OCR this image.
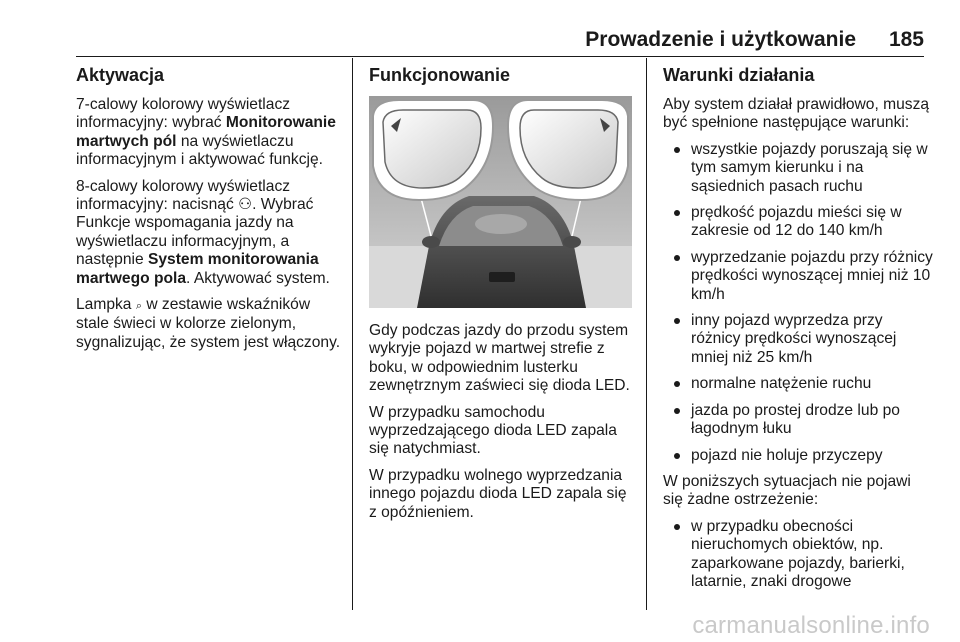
Prowadzenie i użytkowanie 185
Aktywacja

7-calowy kolorowy wyświetlacz informacyjny: wybrać Monitorowanie martwych pól na wyświetlaczu informacyjnym i aktywować funkcję.

8-calowy kolorowy wyświetlacz informacyjny: nacisnąć ⚇. Wybrać Funkcje wspomagania jazdy na wyświetlaczu informacyjnym, a następnie System monitorowania martwego pola. Aktywować system.

Lampka ⌕ w zestawie wskaźników stale świeci w kolorze zielonym, sygnalizując, że system jest włączony.

Funkcjonowanie

Gdy podczas jazdy do przodu system wykryje pojazd w martwej strefie z boku, w odpowiednim lusterku zewnętrznym zaświeci się dioda LED.

W przypadku samochodu wyprzedzającego dioda LED zapala się natychmiast.

W przypadku wolnego wyprzedzania innego pojazdu dioda LED zapala się z opóźnieniem.

Warunki działania

Aby system działał prawidłowo, muszą być spełnione następujące warunki:

wszystkie pojazdy poruszają się w tym samym kierunku i na sąsiednich pasach ruchu
prędkość pojazdu mieści się w zakresie od 12 do 140 km/h
wyprzedzanie pojazdu przy różnicy prędkości wynoszącej mniej niż 10 km/h
inny pojazd wyprzedza przy różnicy prędkości wynoszącej mniej niż 25 km/h
normalne natężenie ruchu
jazda po prostej drodze lub po łagodnym łuku
pojazd nie holuje przyczepy

W poniższych sytuacjach nie pojawi się żadne ostrzeżenie:

w przypadku obecności nieruchomych obiektów, np. zaparkowane pojazdy, barierki, latarnie, znaki drogowe
carmanualsonline.info
